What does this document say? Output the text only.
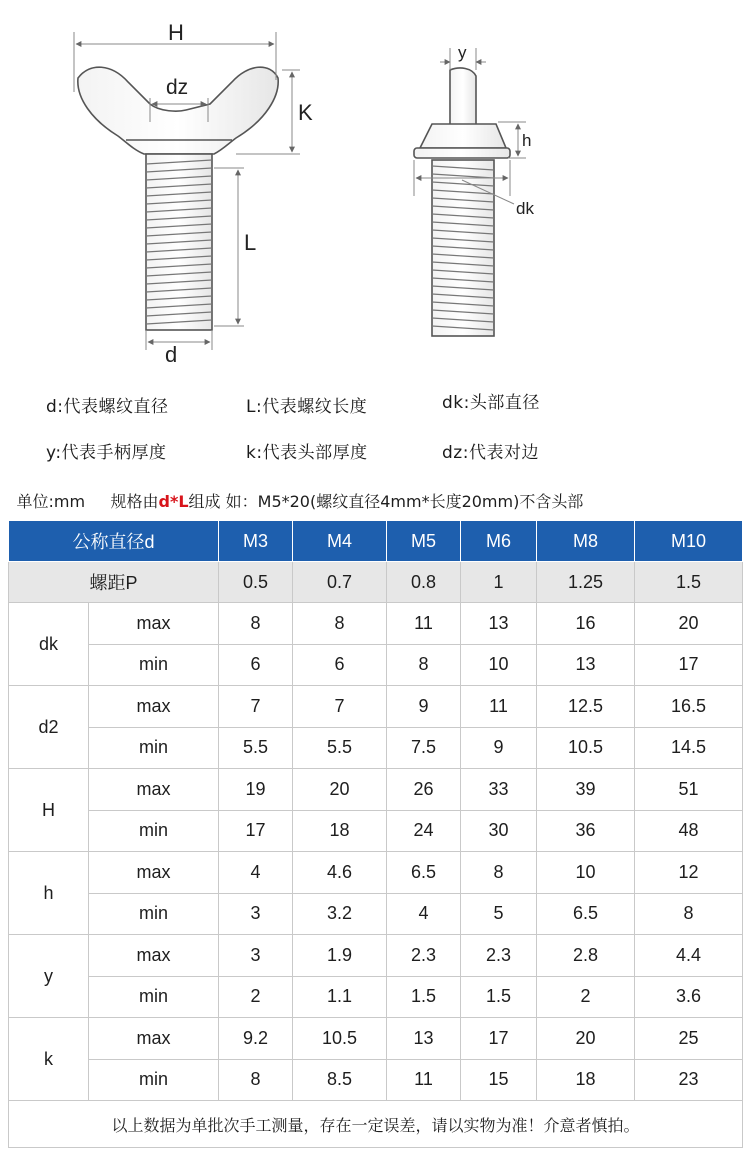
H
dz
K
L
d
y
h
dk
d:代表螺纹直径	L:代表螺纹长度	dk:头部直径
y:代表手柄厚度	k:代表头部厚度	dz:代表对边
单位:mm 规格由d*L组成 如：M5*20(螺纹直径4mm*长度20mm)不含头部							
公称直径d		M3	M4	M5	M6	M8	M10
螺距P		0.5	0.7	0.8	1	1.25	1.5
dk	max	8	8	11	13	16	20
	min	6	6	8	10	13	17
d2	max	7	7	9	11	12.5	16.5
	min	5.5	5.5	7.5	9	10.5	14.5
H	max	19	20	26	33	39	51
	min	17	18	24	30	36	48
h	max	4	4.6	6.5	8	10	12
	min	3	3.2	4	5	6.5	8
y	max	3	1.9	2.3	2.3	2.8	4.4
	min	2	1.1	1.5	1.5	2	3.6
k	max	9.2	10.5	13	17	20	25
	min	8	8.5	11	15	18	23
以上数据为单批次手工测量，存在一定误差，请以实物为准！介意者慎拍。							
